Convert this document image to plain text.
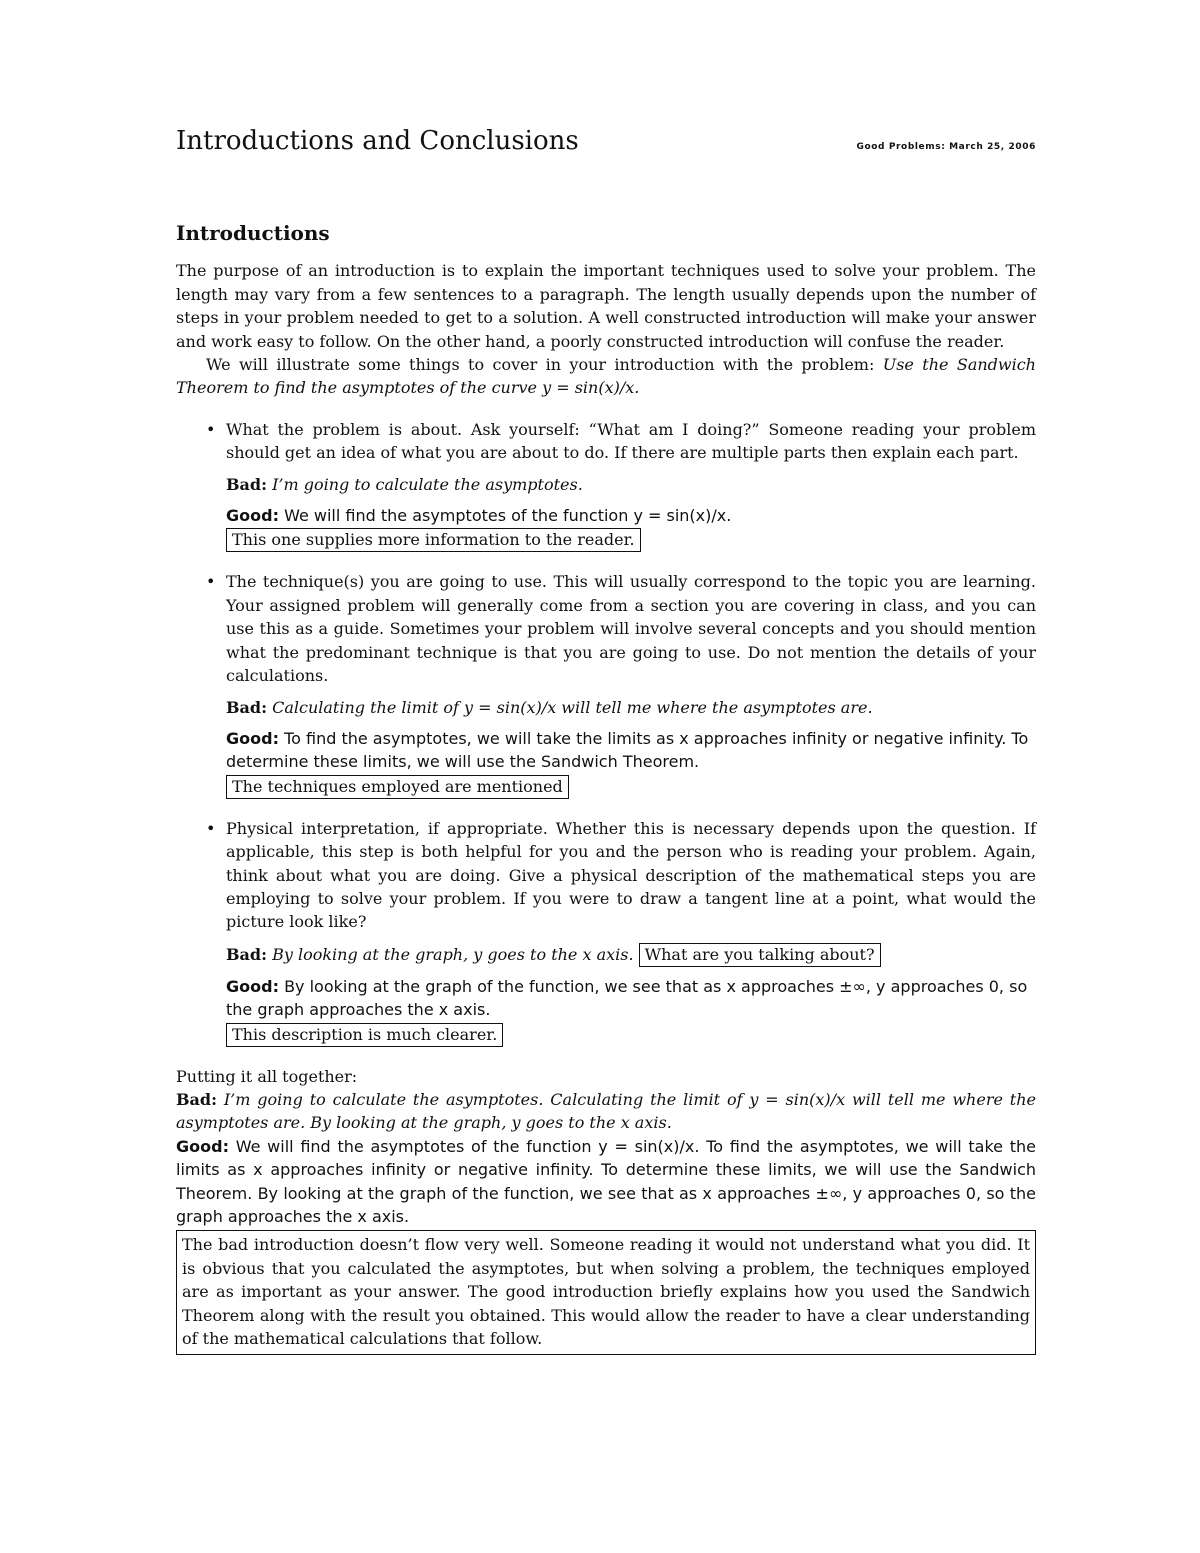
Introductions and Conclusions	Good Problems: March 25, 2006
Introductions

The purpose of an introduction is to explain the important techniques used to solve your problem. The length may vary from a few sentences to a paragraph. The length usually depends upon the number of steps in your problem needed to get to a solution. A well constructed introduction will make your answer and work easy to follow. On the other hand, a poorly constructed introduction will confuse the reader.

We will illustrate some things to cover in your introduction with the problem: Use the Sandwich Theorem to find the asymptotes of the curve y = sin(x)/x.

• What the problem is about. Ask yourself: “What am I doing?” Someone reading your problem should get an idea of what you are about to do. If there are multiple parts then explain each part.

Bad: I’m going to calculate the asymptotes.
Good: We will find the asymptotes of the function y = sin(x)/x.
This one supplies more information to the reader.
• The technique(s) you are going to use. This will usually correspond to the topic you are learning. Your assigned problem will generally come from a section you are covering in class, and you can use this as a guide. Sometimes your problem will involve several concepts and you should mention what the predominant technique is that you are going to use. Do not mention the details of your calculations.

Bad: Calculating the limit of y = sin(x)/x will tell me where the asymptotes are.
Good: To find the asymptotes, we will take the limits as x approaches infinity or negative infinity. To determine these limits, we will use the Sandwich Theorem.
The techniques employed are mentioned
• Physical interpretation, if appropriate. Whether this is necessary depends upon the question. If applicable, this step is both helpful for you and the person who is reading your problem. Again, think about what you are doing. Give a physical description of the mathematical steps you are employing to solve your problem. If you were to draw a tangent line at a point, what would the picture look like?

Bad: By looking at the graph, y goes to the x axis. What are you talking about?
Good: By looking at the graph of the function, we see that as x approaches ±∞, y approaches 0, so the graph approaches the x axis.
This description is much clearer.
Putting it all together:

Bad: I’m going to calculate the asymptotes. Calculating the limit of y = sin(x)/x will tell me where the asymptotes are. By looking at the graph, y goes to the x axis.

Good: We will find the asymptotes of the function y = sin(x)/x. To find the asymptotes, we will take the limits as x approaches infinity or negative infinity. To determine these limits, we will use the Sandwich Theorem. By looking at the graph of the function, we see that as x approaches ±∞, y approaches 0, so the graph approaches the x axis.

The bad introduction doesn’t flow very well. Someone reading it would not understand what you did. It is obvious that you calculated the asymptotes, but when solving a problem, the techniques employed are as important as your answer. The good introduction briefly explains how you used the Sandwich Theorem along with the result you obtained. This would allow the reader to have a clear understanding of the mathematical calculations that follow.
